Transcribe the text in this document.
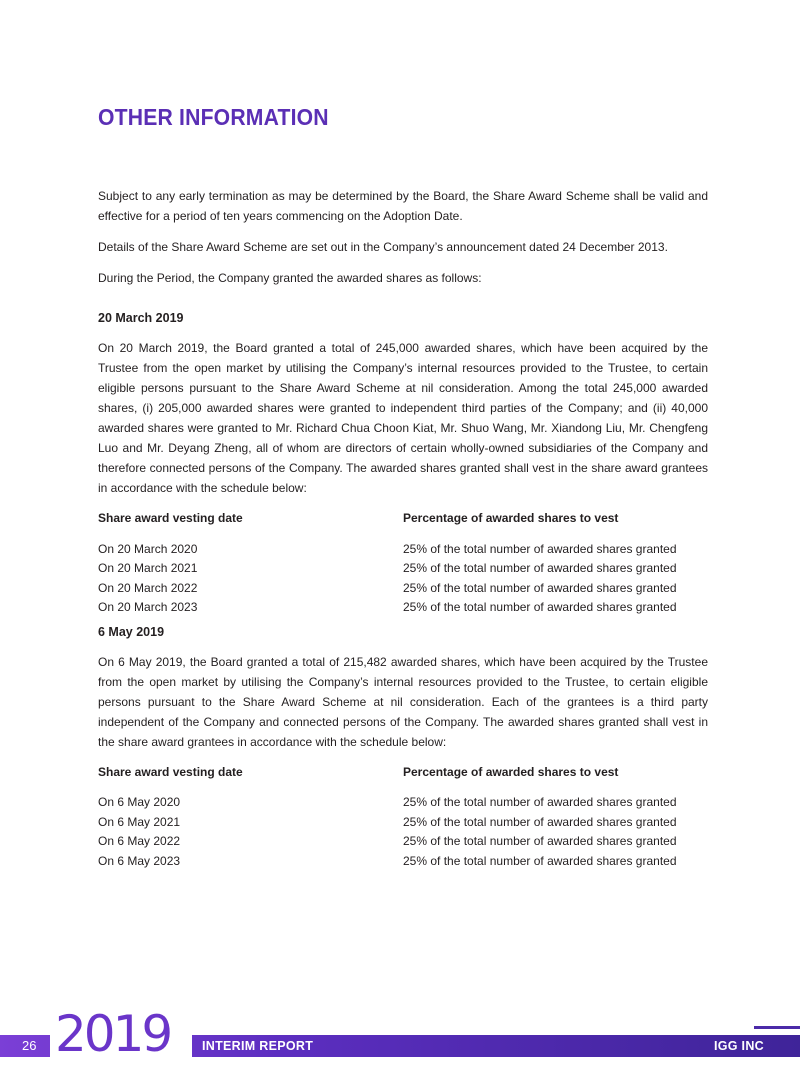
OTHER INFORMATION

Subject to any early termination as may be determined by the Board, the Share Award Scheme shall be valid and effective for a period of ten years commencing on the Adoption Date.

Details of the Share Award Scheme are set out in the Company’s announcement dated 24 December 2013.

During the Period, the Company granted the awarded shares as follows:

20 March 2019

On 20 March 2019, the Board granted a total of 245,000 awarded shares, which have been acquired by the Trustee from the open market by utilising the Company’s internal resources provided to the Trustee, to certain eligible persons pursuant to the Share Award Scheme at nil consideration. Among the total 245,000 awarded shares, (i) 205,000 awarded shares were granted to independent third parties of the Company; and (ii) 40,000 awarded shares were granted to Mr. Richard Chua Choon Kiat, Mr. Shuo Wang, Mr. Xiandong Liu, Mr. Chengfeng Luo and Mr. Deyang Zheng, all of whom are directors of certain wholly-owned subsidiaries of the Company and therefore connected persons of the Company. The awarded shares granted shall vest in the share award grantees in accordance with the schedule below:

Share award vesting date	Percentage of awarded shares to vest
On 20 March 2020	25% of the total number of awarded shares granted
On 20 March 2021	25% of the total number of awarded shares granted
On 20 March 2022	25% of the total number of awarded shares granted
On 20 March 2023	25% of the total number of awarded shares granted
6 May 2019

On 6 May 2019, the Board granted a total of 215,482 awarded shares, which have been acquired by the Trustee from the open market by utilising the Company’s internal resources provided to the Trustee, to certain eligible persons pursuant to the Share Award Scheme at nil consideration. Each of the grantees is a third party independent of the Company and connected persons of the Company. The awarded shares granted shall vest in the share award grantees in accordance with the schedule below:

Share award vesting date	Percentage of awarded shares to vest
On 6 May 2020	25% of the total number of awarded shares granted
On 6 May 2021	25% of the total number of awarded shares granted
On 6 May 2022	25% of the total number of awarded shares granted
On 6 May 2023	25% of the total number of awarded shares granted
26 2019	INTERIM REPORT	IGG INC
